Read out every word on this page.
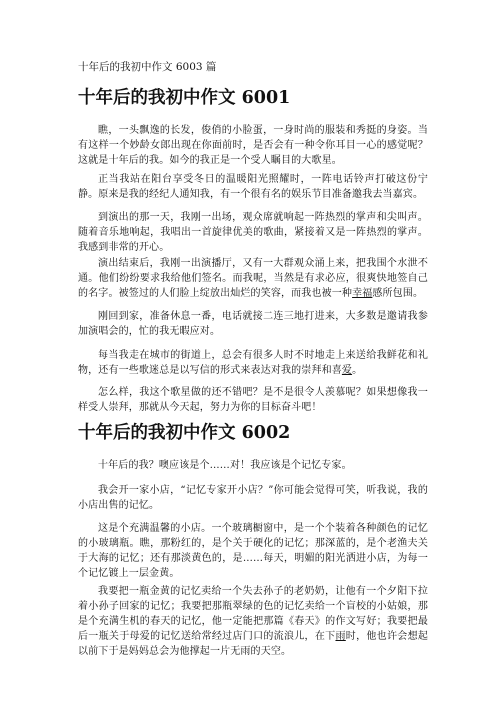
十年后的我初中作文 6003 篇
十年后的我初中作文 6001

瞧，一头飘逸的长发，俊俏的小脸蛋，一身时尚的服装和秀挺的身姿。当有这样一个妙龄女郎出现在你面前时，是否会有一种令你耳目一心的感觉呢？这就是十年后的我。如今的我正是一个受人瞩目的大歌星。

正当我站在阳台享受冬日的温暖阳光照耀时，一阵电话铃声打破这份宁静。原来是我的经纪人通知我，有一个很有名的娱乐节目准备邀我去当嘉宾。

到演出的那一天，我刚一出场，观众席就响起一阵热烈的掌声和尖叫声。随着音乐地响起，我唱出一首旋律优美的歌曲，紧接着又是一阵热烈的掌声。我感到非常的开心。

演出结束后，我刚一出演播厅，又有一大群观众涌上来，把我围个水泄不通。他们纷纷要求我给他们签名。而我呢，当然是有求必应，很爽快地签自己的名字。被签过的人们脸上绽放出灿烂的笑容，而我也被一种幸福感所包围。

刚回到家，准备休息一番，电话就接二连三地打进来，大多数是邀请我参加演唱会的，忙的我无暇应对。

每当我走在城市的街道上，总会有很多人时不时地走上来送给我鲜花和礼物，还有一些歌迷总是以写信的形式来表达对我的崇拜和喜爱。

怎么样，我这个歌星做的还不错吧？是不是很令人羡慕呢？如果想像我一样受人崇拜，那就从今天起，努力为你的目标奋斗吧！

十年后的我初中作文 6002

十年后的我？噢应该是个……对！我应该是个记忆专家。

我会开一家小店，“记忆专家开小店？”你可能会觉得可笑，听我说，我的小店出售的记忆。

这是个充满温馨的小店。一个玻璃橱窗中，是一个个装着各种颜色的记忆的小玻璃瓶。瞧，那粉红的，是个关于硬化的记忆；那深蓝的，是个老渔夫关于大海的记忆；还有那淡黄色的，是……每天，明媚的阳光洒进小店，为每一个记忆镀上一层金黄。

我要把一瓶金黄的记忆卖给一个失去孙子的老奶奶，让他有一个夕阳下拉着小孙子回家的记忆；我要把那瓶翠绿的色的记忆卖给一个盲校的小姑娘，那是个充满生机的春天的记忆，他一定能把那篇《春天》的作文写好；我要把最后一瓶关于母爱的记忆送给常经过店门口的流浪儿，在下雨时，他也许会想起以前下于是妈妈总会为他撑起一片无雨的天空。
